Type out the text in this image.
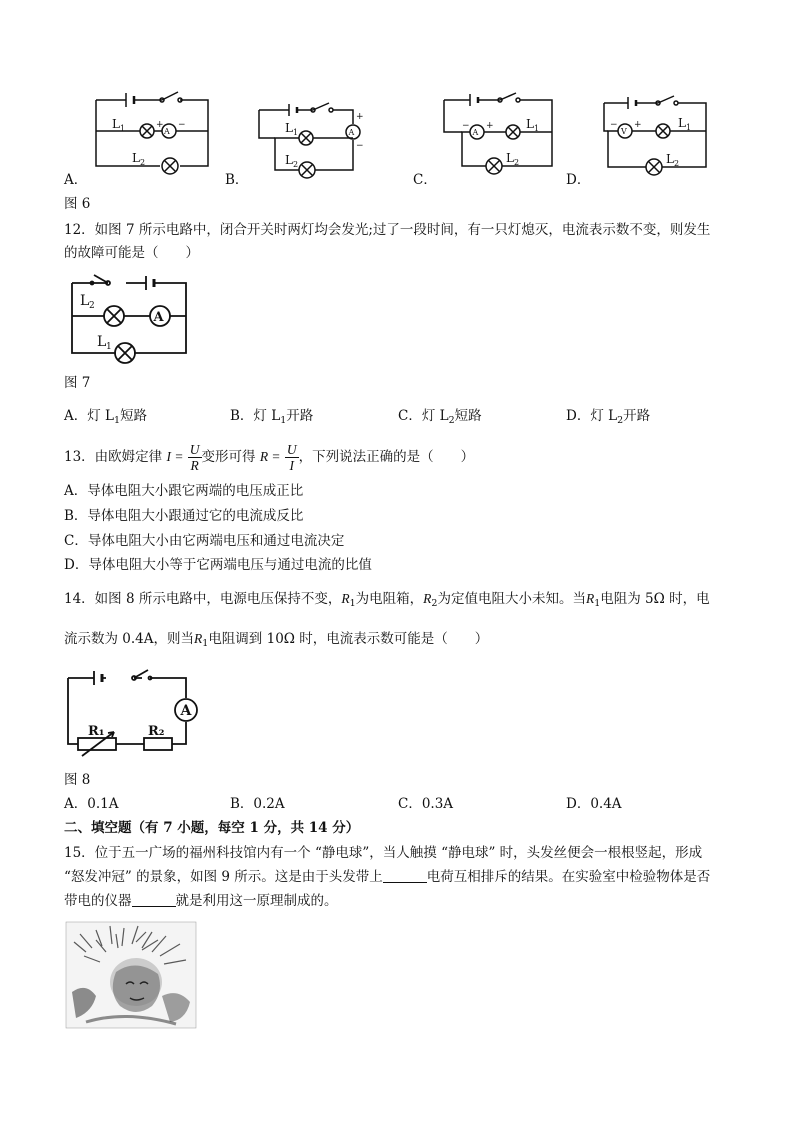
A
+ −
L 1
L 2
A．
A
+
−
L 1
L 2
B．
A
− +	L 1
L 2
C．
V
− +	L 1
L 2
D．
图 6
12．如图 7 所示电路中，闭合开关时两灯均会发光;过了一段时间，有一只灯熄灭，电流表示数不变，则发生
的故障可能是（　　）
A
L 2
L 1
图 7
A．灯 $L_1$短路	B．灯 $L_1$开路	C．灯 $L_2$短路	D．灯 $L_2$开路
13．由欧姆定律 $I = \frac{U}{R}$ 变形可得 $R = \frac{U}{I}$ ，下列说法正确的是（　　）
A．导体电阻大小跟它两端的电压成正比
B．导体电阻大小跟通过它的电流成反比
C．导体电阻大小由它两端电压和通过电流决定
D．导体电阻大小等于它两端电压与通过电流的比值
14．如图 8 所示电路中，电源电压保持不变，$R_1$为电阻箱，$R_2$为定值电阻大小未知。当$R_1$电阻为 5Ω 时，电
流示数为 0.4A，则当$R_1$电阻调到 10Ω 时，电流表示数可能是（　　）
A
R₁	R₂
图 8
A．0.1A	B．0.2A	C．0.3A	D．0.4A
二、填空题（有 7 小题，每空 1 分，共 14 分）
15．位于五一广场的福州科技馆内有一个 “静电球”，当人触摸 “静电球” 时，头发丝便会一根根竖起，形成
“怒发冲冠” 的景象，如图 9 所示。这是由于头发带上	电荷互相排斥的结果。在实验室中检验物体是否
带电的仪器	就是利用这一原理制成的。
